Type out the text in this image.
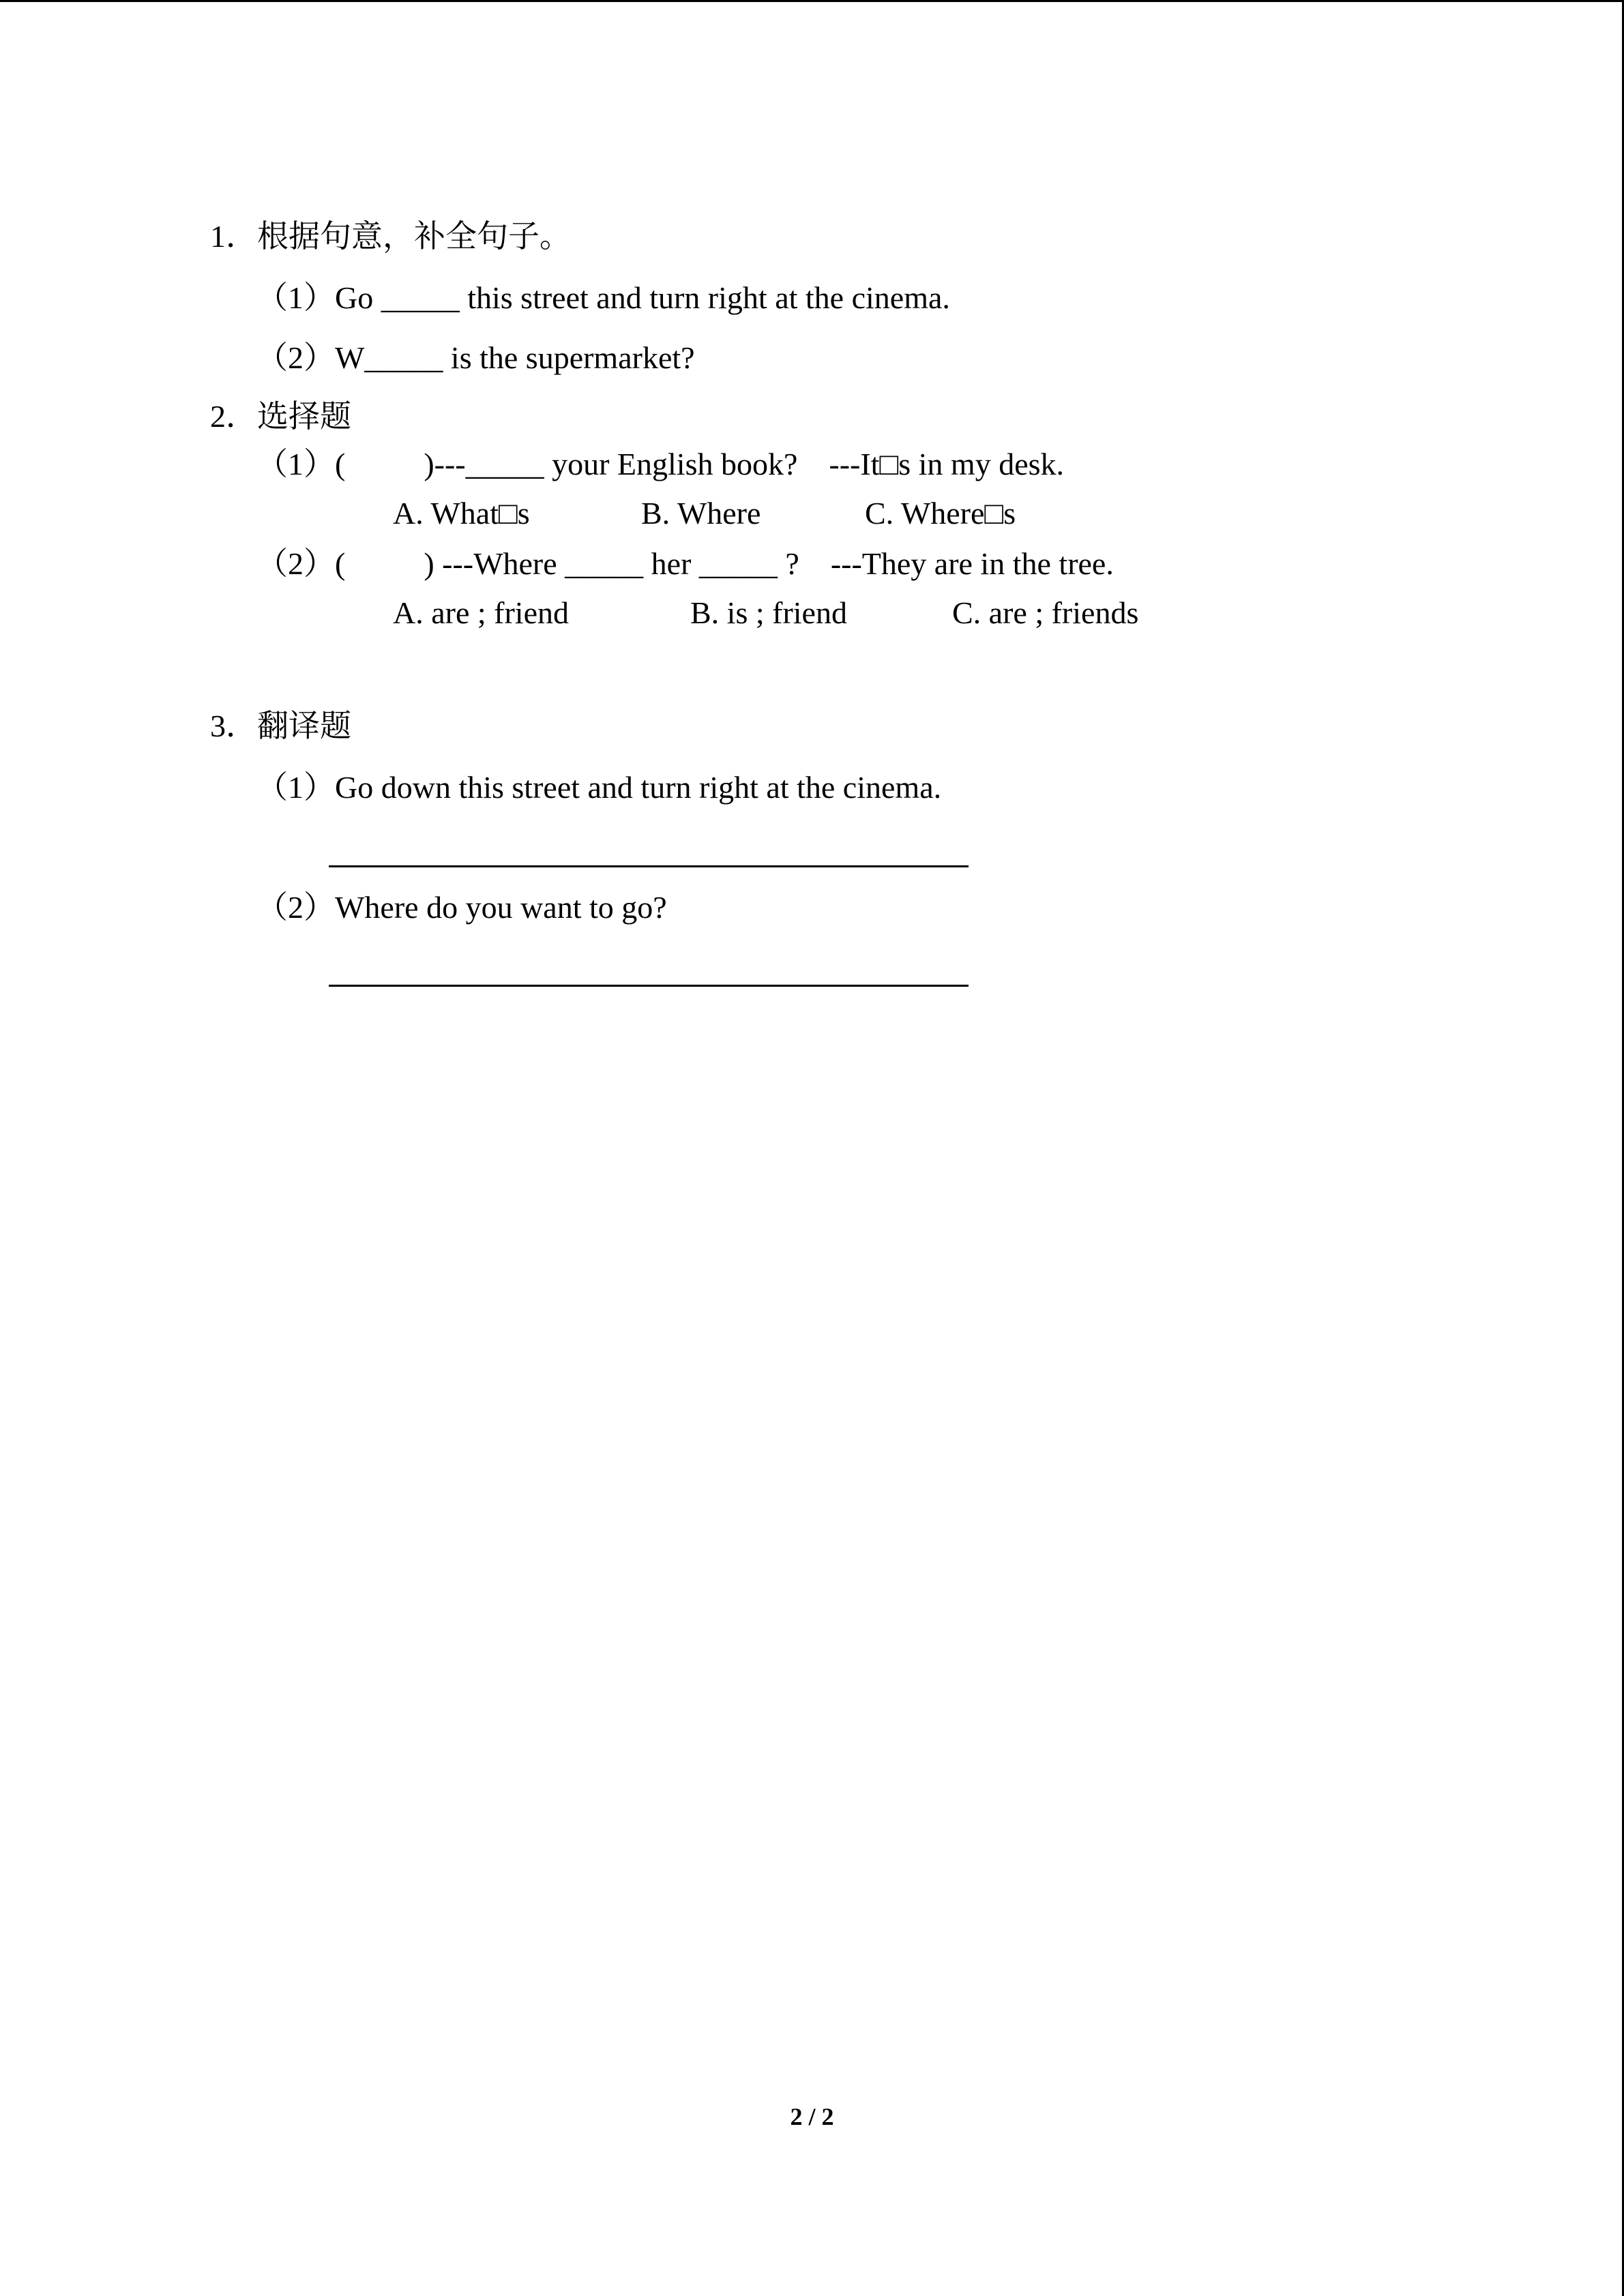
1．根据句意，补全句子。
（1）Go _____ this street and turn right at the cinema.
（2）W_____ is the supermarket?
2．选择题
（1）(          )---_____ your English book?    ---It□s in my desk.
A. What□s	B. Where	C. Where□s
（2）(          ) ---Where _____ her _____ ?    ---They are in the tree.
A. are ; friend	B. is ; friend	C. are ; friends
3．翻译题
（1）Go down this street and turn right at the cinema.
（2）Where do you want to go?
2 / 2
